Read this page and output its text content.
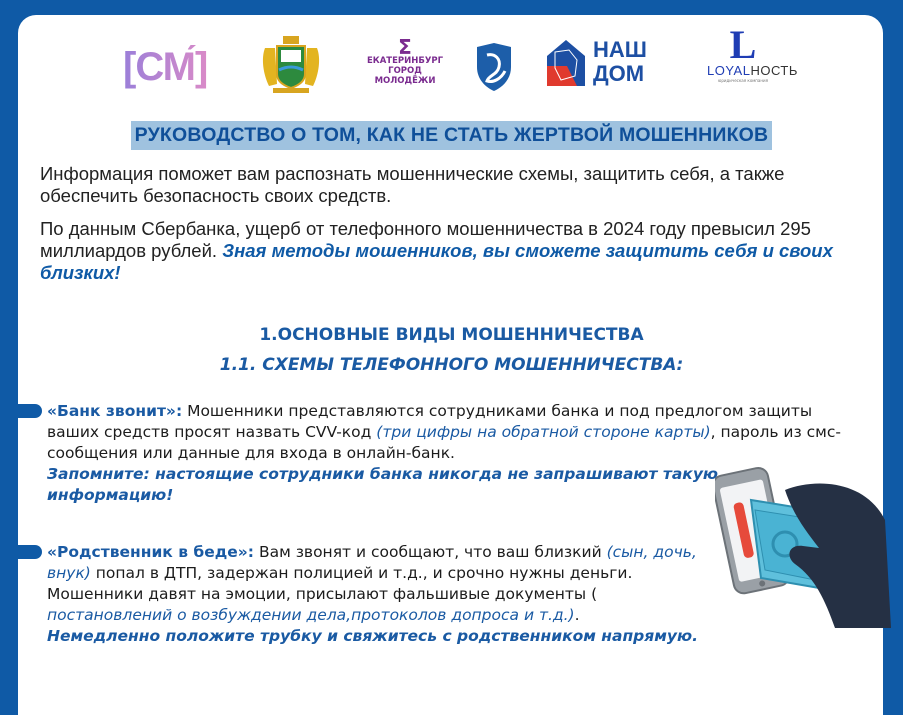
[СМ́]	Σ
ЕКАТЕРИНБУРГ
ГОРОД МОЛОДЁЖИ
НАШ
ДОМ
L
LOYALНОСТЬ
юридическая компания
РУКОВОДСТВО О ТОМ, КАК НЕ СТАТЬ ЖЕРТВОЙ МОШЕННИКОВ
Информация поможет вам распознать мошеннические схемы, защитить себя, а также обеспечить безопасность своих средств.
По данным Сбербанка, ущерб от телефонного мошенничества в 2024 году превысил 295 миллиардов рублей. Зная методы мошенников, вы сможете защитить себя и своих близких!
1.ОСНОВНЫЕ ВИДЫ МОШЕННИЧЕСТВА
1.1. СХЕМЫ ТЕЛЕФОННОГО МОШЕННИЧЕСТВА:
«Банк звонит»: Мошенники представляются сотрудниками банка и под предлогом защиты ваших средств просят назвать CVV-код (три цифры на обратной стороне карты), пароль из смс-сообщения или данные для входа в онлайн-банк.
Запомните: настоящие сотрудники банка никогда не запрашивают такую информацию!
«Родственник в беде»: Вам звонят и сообщают, что ваш близкий (сын, дочь, внук) попал в ДТП, задержан полицией и т.д., и срочно нужны деньги. Мошенники давят на эмоции, присылают фальшивые документы (постановлений о возбуждении дела,протоколов допроса и т.д.).
Немедленно положите трубку и свяжитесь с родственником напрямую.
